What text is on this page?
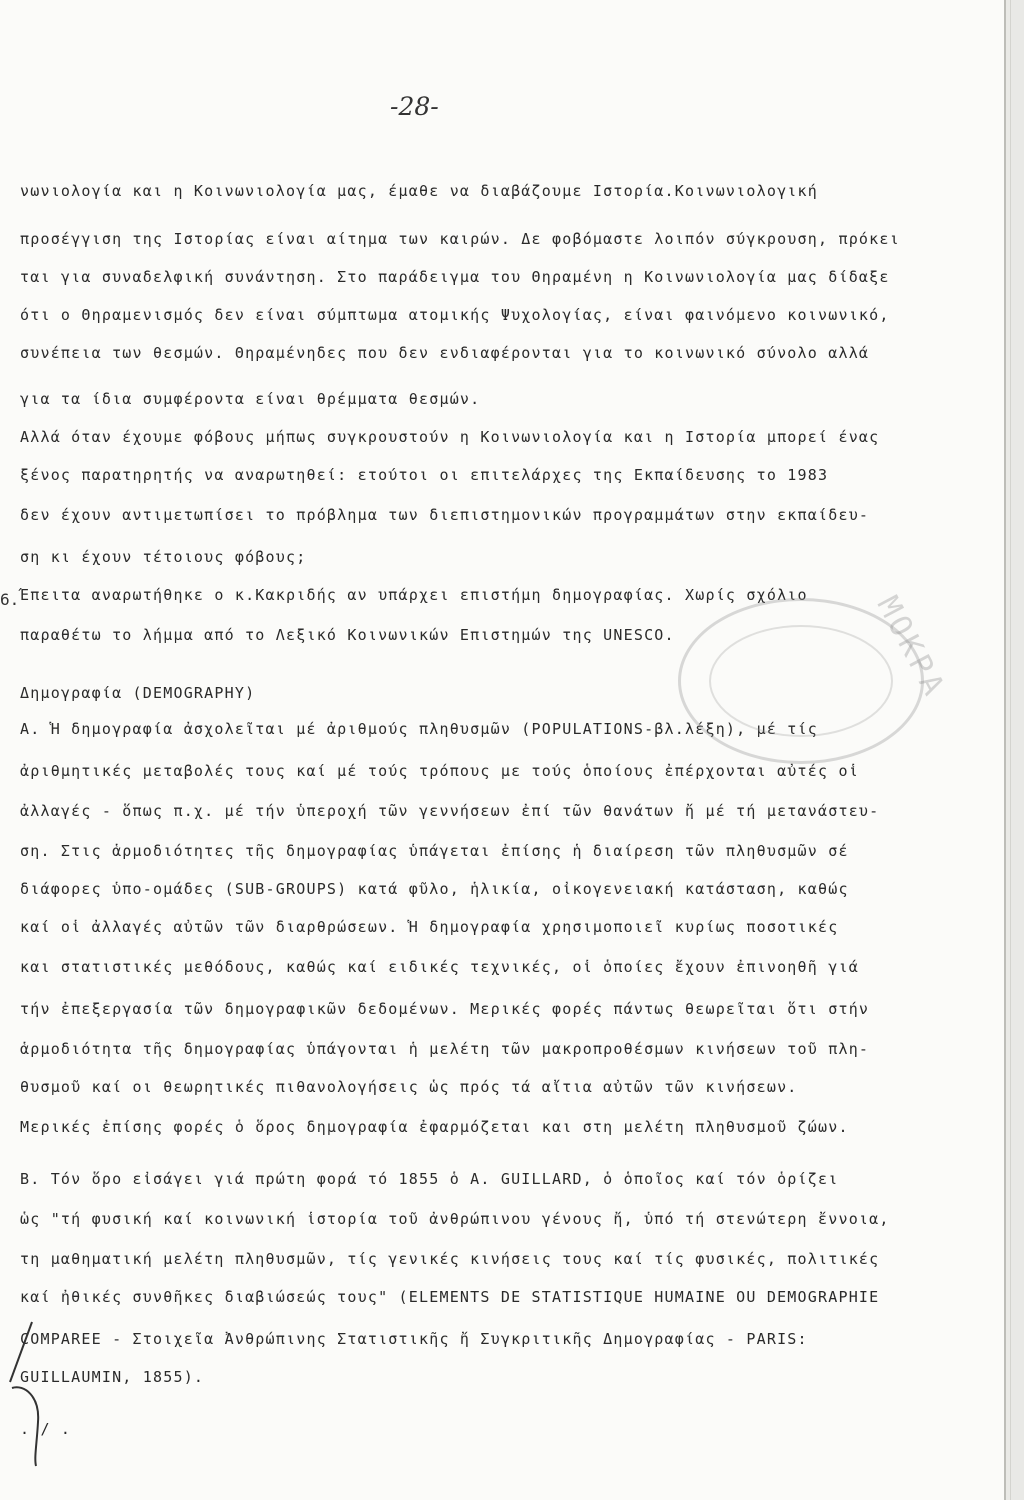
-28-
6.
νωνιολογία και η Κοινωνιολογία μας, έμαθε να διαβάζουμε Ιστορία.Κοινωνιολογική
προσέγγιση της Ιστορίας είναι αίτημα των καιρών. Δε φοβόμαστε λοιπόν σύγκρουση, πρόκει
ται για συναδελφική συνάντηση. Στο παράδειγμα του Θηραμένη η Κοινωνιολογία μας δίδαξε
ότι ο Θηραμενισμός δεν είναι σύμπτωμα ατομικής Ψυχολογίας, είναι φαινόμενο κοινωνικό,
συνέπεια των θεσμών. Θηραμένηδες που δεν ενδιαφέρονται για το κοινωνικό σύνολο αλλά
για τα ίδια συμφέροντα είναι θρέμματα θεσμών.
Αλλά όταν έχουμε φόβους μήπως συγκρουστούν η Κοινωνιολογία και η Ιστορία μπορεί ένας
ξένος παρατηρητής να αναρωτηθεί: ετούτοι οι επιτελάρχες της Εκπαίδευσης το 1983
δεν έχουν αντιμετωπίσει το πρόβλημα των διεπιστημονικών προγραμμάτων στην εκπαίδευ-
ση κι έχουν τέτοιους φόβους;
Έπειτα αναρωτήθηκε ο κ.Κακριδής αν υπάρχει επιστήμη δημογραφίας. Χωρίς σχόλιο
παραθέτω το λήμμα από το Λεξικό Κοινωνικών Επιστημών της UNESCO.
Δημογραφία (DEMOGRAPHY)
Α. Ἡ δημογραφία ἀσχολεῖται μέ ἀριθμούς πληθυσμῶν (POPULATIONS-βλ.λέξη), μέ τίς
ἀριθμητικές μεταβολές τους καί μέ τούς τρόπους με τούς ὁποίους ἐπέρχονται αὐτές οἱ
ἀλλαγές - ὅπως π.χ. μέ τήν ὑπεροχή τῶν γεννήσεων ἐπί τῶν θανάτων ἤ μέ τή μετανάστευ-
ση. Στις ἁρμοδιότητες τῆς δημογραφίας ὑπάγεται ἐπίσης ἡ διαίρεση τῶν πληθυσμῶν σέ
διάφορες ὑπο-ομάδες (SUB-GROUPS) κατά φῦλο, ἡλικία, οἰκογενειακή κατάσταση, καθώς
καί οἱ ἀλλαγές αὐτῶν τῶν διαρθρώσεων. Ἡ δημογραφία χρησιμοποιεῖ κυρίως ποσοτικές
και στατιστικές μεθόδους, καθώς καί ειδικές τεχνικές, οἱ ὁποίες ἔχουν ἐπινοηθῆ γιά
τήν ἐπεξεργασία τῶν δημογραφικῶν δεδομένων. Μερικές φορές πάντως θεωρεῖται ὅτι στήν
ἁρμοδιότητα τῆς δημογραφίας ὑπάγονται ἡ μελέτη τῶν μακροπροθέσμων κινήσεων τοῦ πλη-
θυσμοῦ καί οι θεωρητικές πιθανολογήσεις ὡς πρός τά αἴτια αὐτῶν τῶν κινήσεων.
Μερικές ἐπίσης φορές ὁ ὅρος δημογραφία ἐφαρμόζεται και στη μελέτη πληθυσμοῦ ζώων.
Β. Τόν ὅρο εἰσάγει γιά πρώτη φορά τό 1855 ὁ A. GUILLARD, ὁ ὁποῖος καί τόν ὁρίζει
ὡς "τή φυσική καί κοινωνική ἱστορία τοῦ ἀνθρώπινου γένους ἤ, ὑπό τή στενώτερη ἔννοια,
τη μαθηματική μελέτη πληθυσμῶν, τίς γενικές κινήσεις τους καί τίς φυσικές, πολιτικές
καί ἠθικές συνθῆκες διαβιώσεώς τους" (ELEMENTS DE STATISTIQUE HUMAINE OU DEMOGRAPHIE
COMPAREE - Στοιχεῖα Ἀνθρώπινης Στατιστικῆς ἤ Συγκριτικῆς Δημογραφίας - PARIS:
GUILLAUMIN, 1855).
. / .
ΜΟΚΡΑ
